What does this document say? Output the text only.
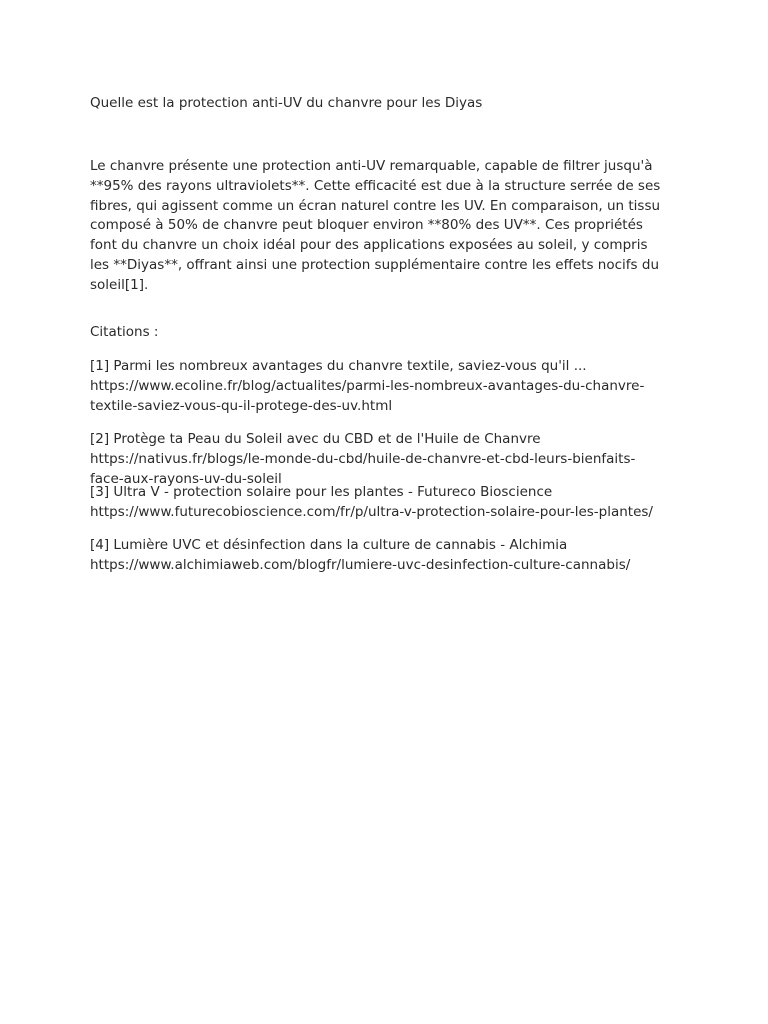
Quelle est la protection anti-UV du chanvre pour les Diyas

Le chanvre présente une protection anti-UV remarquable, capable de filtrer jusqu'à **95% des rayons ultraviolets**. Cette efficacité est due à la structure serrée de ses fibres, qui agissent comme un écran naturel contre les UV. En comparaison, un tissu composé à 50% de chanvre peut bloquer environ **80% des UV**. Ces propriétés font du chanvre un choix idéal pour des applications exposées au soleil, y compris les **Diyas**, offrant ainsi une protection supplémentaire contre les effets nocifs du soleil[1].

Citations :

[1] Parmi les nombreux avantages du chanvre textile, saviez-vous qu'il ... https://www.ecoline.fr/blog/actualites/parmi-les-nombreux-avantages-du-chanvre-textile-saviez-vous-qu-il-protege-des-uv.html

[2] Protège ta Peau du Soleil avec du CBD et de l'Huile de Chanvre https://nativus.fr/blogs/le-monde-du-cbd/huile-de-chanvre-et-cbd-leurs-bienfaits-face-aux-rayons-uv-du-soleil

[3] Ultra V - protection solaire pour les plantes - Futureco Bioscience https://www.futurecobioscience.com/fr/p/ultra-v-protection-solaire-pour-les-plantes/

[4] Lumière UVC et désinfection dans la culture de cannabis - Alchimia https://www.alchimiaweb.com/blogfr/lumiere-uvc-desinfection-culture-cannabis/
